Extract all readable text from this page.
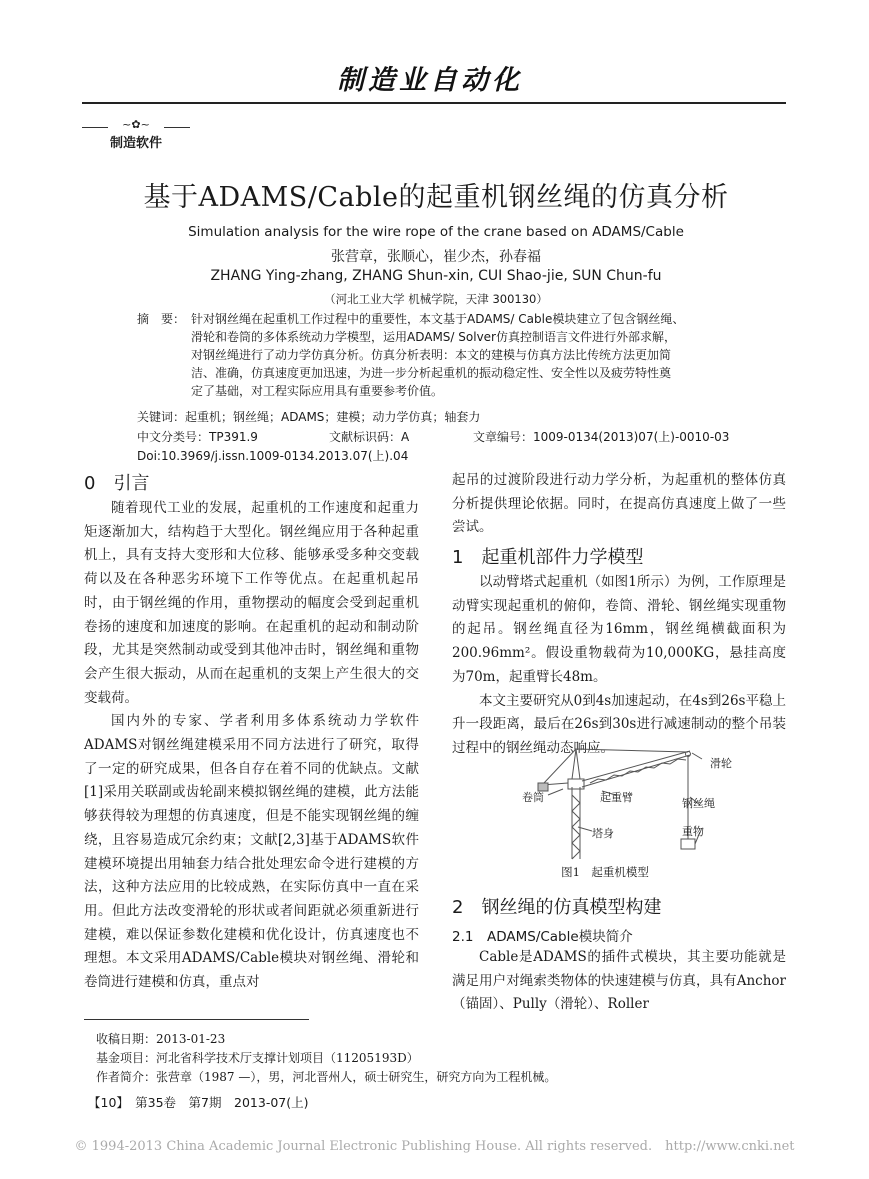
制造业自动化
~✿~
制造软件
基于ADAMS/Cable的起重机钢丝绳的仿真分析
Simulation analysis for the wire rope of the crane based on ADAMS/Cable
张营章，张顺心，崔少杰，孙春福
ZHANG Ying-zhang, ZHANG Shun-xin, CUI Shao-jie, SUN Chun-fu
（河北工业大学 机械学院，天津 300130）
摘　要： 针对钢丝绳在起重机工作过程中的重要性，本文基于ADAMS/ Cable模块建立了包含钢丝绳、
滑轮和卷筒的多体系统动力学模型，运用ADAMS/ Solver仿真控制语言文件进行外部求解，
对钢丝绳进行了动力学仿真分析。仿真分析表明：本文的建模与仿真方法比传统方法更加简
洁、准确，仿真速度更加迅速，为进一步分析起重机的振动稳定性、安全性以及疲劳特性奠
定了基础，对工程实际应用具有重要参考价值。
关键词：起重机；钢丝绳；ADAMS；建模；动力学仿真；轴套力
中文分类号：TP391.9	文献标识码：A	文章编号：1009-0134(2013)07(上)-0010-03
Doi:10.3969/j.issn.1009-0134.2013.07(上).04
0　引言

随着现代工业的发展，起重机的工作速度和起重力矩逐渐加大，结构趋于大型化。钢丝绳应用于各种起重机上，具有支持大变形和大位移、能够承受多种交变载荷以及在各种恶劣环境下工作等优点。在起重机起吊时，由于钢丝绳的作用，重物摆动的幅度会受到起重机卷扬的速度和加速度的影响。在起重机的起动和制动阶段，尤其是突然制动或受到其他冲击时，钢丝绳和重物会产生很大振动，从而在起重机的支架上产生很大的交变载荷。

国内外的专家、学者利用多体系统动力学软件ADAMS对钢丝绳建模采用不同方法进行了研究，取得了一定的研究成果，但各自存在着不同的优缺点。文献[1]采用关联副或齿轮副来模拟钢丝绳的建模，此方法能够获得较为理想的仿真速度，但是不能实现钢丝绳的缠绕，且容易造成冗余约束；文献[2,3]基于ADAMS软件建模环境提出用轴套力结合批处理宏命令进行建模的方法，这种方法应用的比较成熟，在实际仿真中一直在采用。但此方法改变滑轮的形状或者间距就必须重新进行建模，难以保证参数化建模和优化设计，仿真速度也不理想。本文采用ADAMS/Cable模块对钢丝绳、滑轮和卷筒进行建模和仿真，重点对

起吊的过渡阶段进行动力学分析，为起重机的整体仿真分析提供理论依据。同时，在提高仿真速度上做了一些尝试。

1　起重机部件力学模型

以动臂塔式起重机（如图1所示）为例，工作原理是动臂实现起重机的俯仰，卷筒、滑轮、钢丝绳实现重物的起吊。钢丝绳直径为16mm，钢丝绳横截面积为200.96mm²。假设重物载荷为10,000KG，悬挂高度为70m，起重臂长48m。

本文主要研究从0到4s加速起动，在4s到26s平稳上升一段距离，最后在26s到30s进行减速制动的整个吊装过程中的钢丝绳动态响应。

滑轮
卷筒	起重臂	钢丝绳
塔身	重物
图1　起重机模型
2　钢丝绳的仿真模型构建
2.1　ADAMS/Cable模块简介

Cable是ADAMS的插件式模块，其主要功能就是满足用户对绳索类物体的快速建模与仿真，具有Anchor（锚固）、Pully（滑轮）、Roller

收稿日期：2013-01-23
基金项目：河北省科学技术厅支撑计划项目（11205193D）
作者简介：张营章（1987 —），男，河北晋州人，硕士研究生，研究方向为工程机械。
【10】　第35卷　第7期　2013-07(上)
© 1994-2013 China Academic Journal Electronic Publishing House. All rights reserved.　http://www.cnki.net
